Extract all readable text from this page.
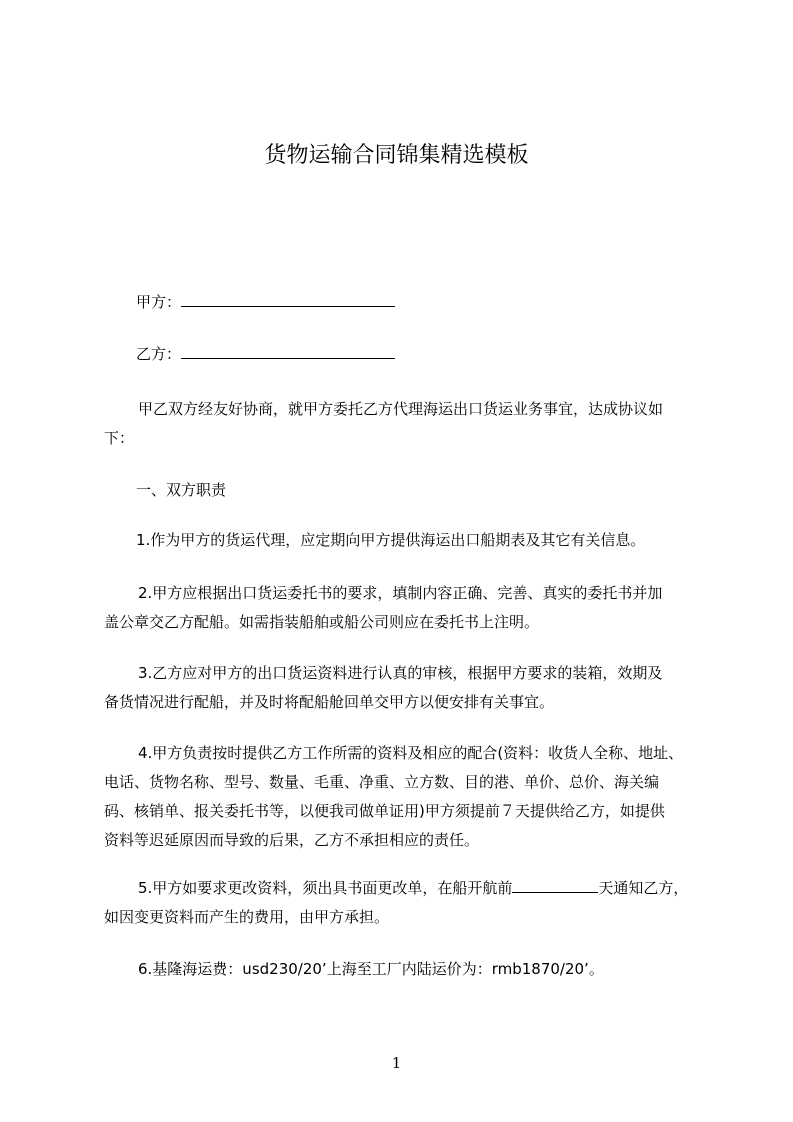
货物运输合同锦集精选模板
甲方：
乙方：
甲乙双方经友好协商，就甲方委托乙方代理海运出口货运业务事宜，达成协议如
下：
一、双方职责
1.作为甲方的货运代理，应定期向甲方提供海运出口船期表及其它有关信息。
2.甲方应根据出口货运委托书的要求，填制内容正确、完善、真实的委托书并加
盖公章交乙方配船。如需指装船舶或船公司则应在委托书上注明。
3.乙方应对甲方的出口货运资料进行认真的审核，根据甲方要求的装箱，效期及
备货情况进行配船，并及时将配船舱回单交甲方以便安排有关事宜。
4.甲方负责按时提供乙方工作所需的资料及相应的配合(资料：收货人全称、地址、
电话、货物名称、型号、数量、毛重、净重、立方数、目的港、单价、总价、海关编
码、核销单、报关委托书等，以便我司做单证用)甲方须提前７天提供给乙方，如提供
资料等迟延原因而导致的后果，乙方不承担相应的责任。
5.甲方如要求更改资料，须出具书面更改单，在船开航前	天通知乙方，
如因变更资料而产生的费用，由甲方承担。
6.基隆海运费：usd230/20’上海至工厂内陆运价为：rmb1870/20’。
1
